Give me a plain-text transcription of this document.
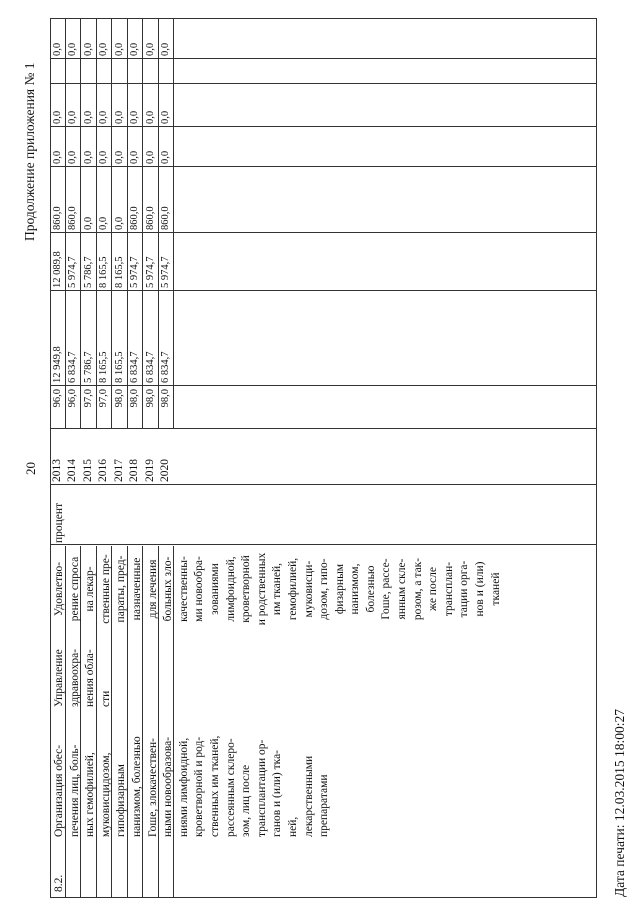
20
Продолжение приложения № 1
8.2.
Организация обес- печения лиц, боль- ных гемофилией, муковисцидозом, гипофизарным нанизмом, болезнью Гоше, злокачествен- ными новообразова- ниями лимфоидной, кроветворной и род- ственных им тканей, рассеянным склеро- зом, лиц после трансплантации ор- ганов и (или) тка- ней, лекарственными препаратами
Управление здравоохра- нения обла- сти
Удовлетво- рение спроса на лекар- ственные пре- параты, пред- назначенные для лечения больных зло- качественны- ми новообра- зованиями лимфоидной, кроветворной и родственных им тканей, гемофилией, муковисци- дозом, гипо- физарным нанизмом, болезнью Гоше, рассе- янным скле- розом, а так- же после трансплан- тации орга- нов и (или) тканей
процент
2013
96,0
12 949,8
12 089,8
860,0
0,0
0,0
0,0
2014
96,0
6 834,7
5 974,7
860,0
0,0
0,0
0,0
2015
97,0
5 786,7
5 786,7
0,0
0,0
0,0
0,0
2016
97,0
8 165,5
8 165,5
0,0
0,0
0,0
0,0
2017
98,0
8 165,5
8 165,5
0,0
0,0
0,0
0,0
2018
98,0
6 834,7
5 974,7
860,0
0,0
0,0
0,0
2019
98,0
6 834,7
5 974,7
860,0
0,0
0,0
0,0
2020
98,0
6 834,7
5 974,7
860,0
0,0
0,0
0,0
Дата печати: 12.03.2015 18:00:27
